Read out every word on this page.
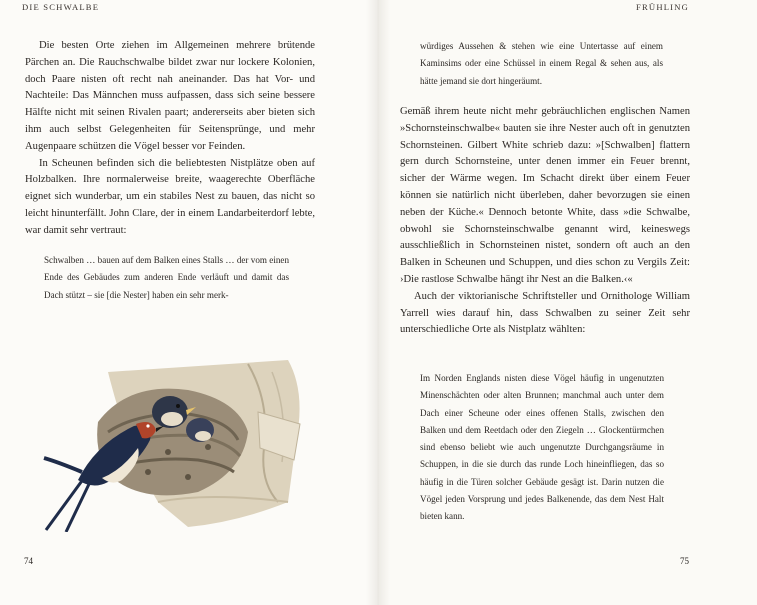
DIE SCHWALBE	FRÜHLING

Die besten Orte ziehen im Allgemeinen mehrere brütende Pärchen an. Die Rauchschwalbe bildet zwar nur lockere Kolonien, doch Paare nisten oft recht nah aneinander. Das hat Vor- und Nachteile: Das Männchen muss aufpassen, dass sich seine bessere Hälfte nicht mit seinen Rivalen paart; andererseits aber bieten sich ihm auch selbst Gelegenheiten für Seitensprünge, und mehr Augenpaare schützen die Vögel besser vor Feinden.

In Scheunen befinden sich die beliebtesten Nistplätze oben auf Holzbalken. Ihre normalerweise breite, waagerechte Oberfläche eignet sich wunderbar, um ein stabiles Nest zu bauen, das nicht so leicht hinunterfällt. John Clare, der in einem Landarbeiterdorf lebte, war damit sehr vertraut:

Schwalben … bauen auf dem Balken eines Stalls … der vom einen Ende des Gebäudes zum anderen Ende verläuft und damit das Dach stützt – sie [die Nester] haben ein sehr merk-

würdiges Aussehen & stehen wie eine Untertasse auf einem Kaminsims oder eine Schüssel in einem Regal & sehen aus, als hätte jemand sie dort hingeräumt.

Gemäß ihrem heute nicht mehr gebräuchlichen englischen Namen »Schornsteinschwalbe« bauten sie ihre Nester auch oft in genutzten Schornsteinen. Gilbert White schrieb dazu: »[Schwalben] flattern gern durch Schornsteine, unter denen immer ein Feuer brennt, sicher der Wärme wegen. Im Schacht direkt über einem Feuer können sie natürlich nicht überleben, daher bevorzugen sie einen neben der Küche.« Dennoch betonte White, dass »die Schwalbe, obwohl sie Schornsteinschwalbe genannt wird, keineswegs ausschließlich in Schornsteinen nistet, sondern oft auch an den Balken in Scheunen und Schuppen, und dies schon zu Vergils Zeit: ›Die rastlose Schwalbe hängt ihr Nest an die Balken.‹«

Auch der viktorianische Schriftsteller und Ornithologe William Yarrell wies darauf hin, dass Schwalben zu seiner Zeit sehr unterschiedliche Orte als Nistplatz wählten:

Im Norden Englands nisten diese Vögel häufig in ungenutzten Minenschächten oder alten Brunnen; manchmal auch unter dem Dach einer Scheune oder eines offenen Stalls, zwischen den Balken und dem Reetdach oder den Ziegeln … Glockentürmchen sind ebenso beliebt wie auch ungenutzte Durchgangsräume in Schuppen, in die sie durch das runde Loch hineinfliegen, das so häufig in die Türen solcher Gebäude gesägt ist. Darin nutzen die Vögel jeden Vorsprung und jedes Balkenende, das dem Nest Halt bieten kann.

74	75
